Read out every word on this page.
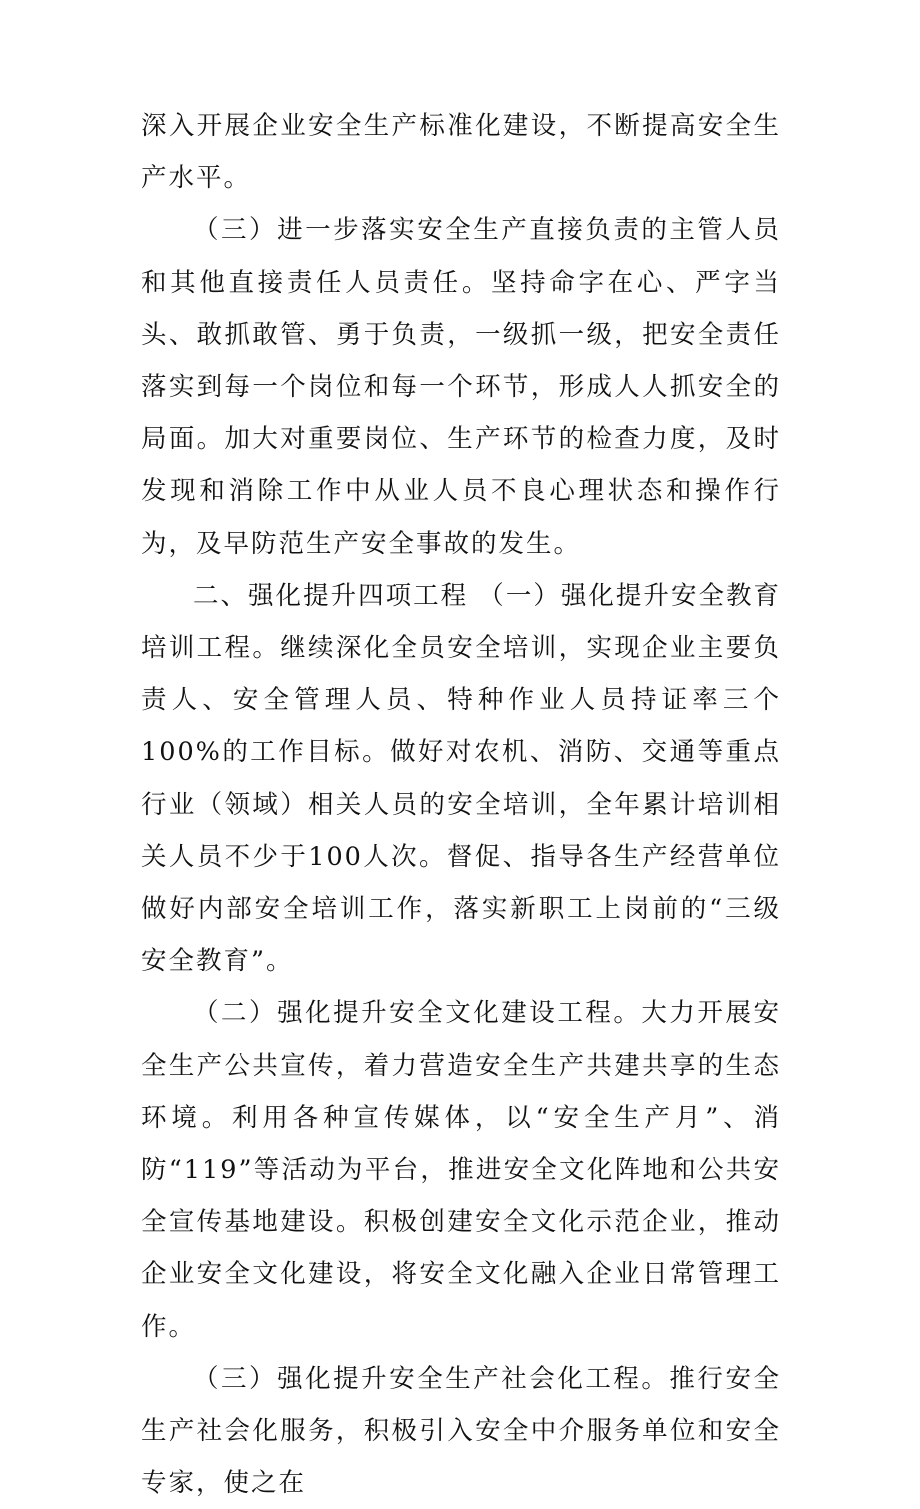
深入开展企业安全生产标准化建设，不断提高安全生产水平。

（三）进一步落实安全生产直接负责的主管人员和其他直接责任人员责任。坚持命字在心、严字当头、敢抓敢管、勇于负责，一级抓一级，把安全责任落实到每一个岗位和每一个环节，形成人人抓安全的局面。加大对重要岗位、生产环节的检查力度，及时发现和消除工作中从业人员不良心理状态和操作行为，及早防范生产安全事故的发生。

二、强化提升四项工程 （一）强化提升安全教育培训工程。继续深化全员安全培训，实现企业主要负责人、安全管理人员、特种作业人员持证率三个100%的工作目标。做好对农机、消防、交通等重点行业（领域）相关人员的安全培训，全年累计培训相关人员不少于100人次。督促、指导各生产经营单位做好内部安全培训工作，落实新职工上岗前的“三级安全教育”。

（二）强化提升安全文化建设工程。大力开展安全生产公共宣传，着力营造安全生产共建共享的生态环境。利用各种宣传媒体，以“安全生产月”、消防“119”等活动为平台，推进安全文化阵地和公共安全宣传基地建设。积极创建安全文化示范企业，推动企业安全文化建设，将安全文化融入企业日常管理工作。

（三）强化提升安全生产社会化工程。推行安全生产社会化服务，积极引入安全中介服务单位和安全专家，使之在
